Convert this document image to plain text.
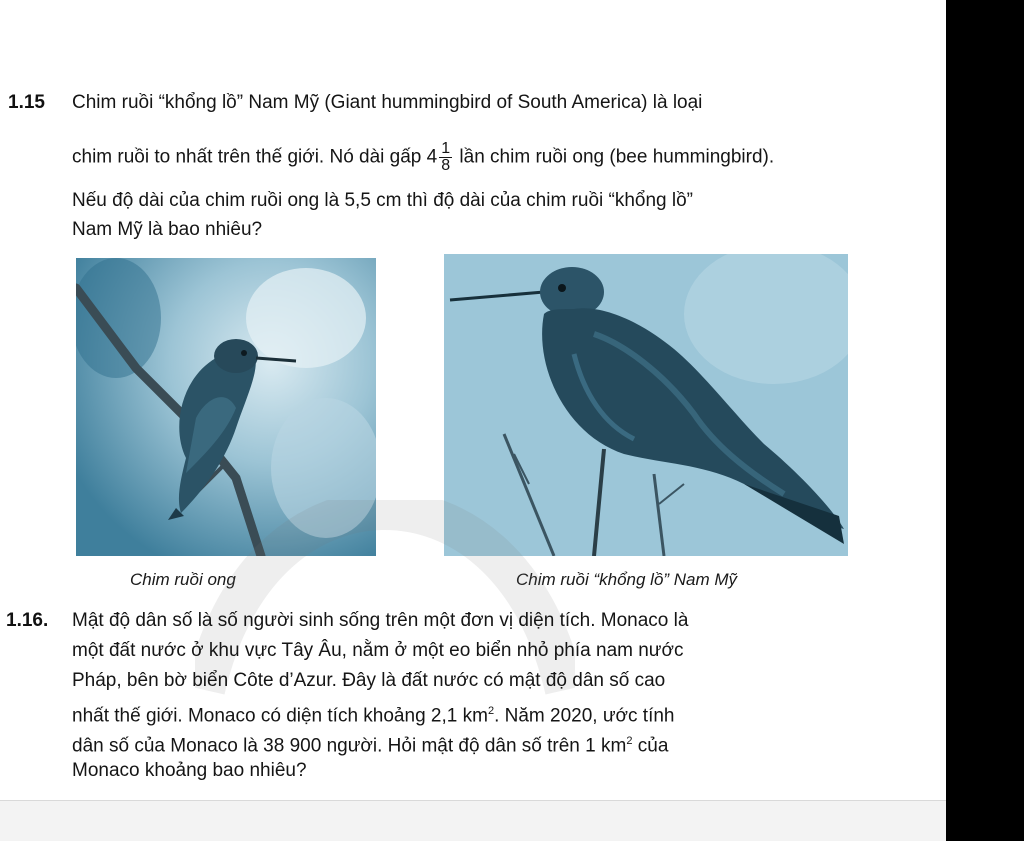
1.15 Chim ruồi “khổng lồ” Nam Mỹ (Giant hummingbird of South America) là loại
chim ruồi to nhất trên thế giới. Nó dài gấp $4 \frac{1}{8}$ lần chim ruồi ong (bee hummingbird).
Nếu độ dài của chim ruồi ong là 5,5 cm thì độ dài của chim ruồi “khổng lồ”
Nam Mỹ là bao nhiêu?
Chim ruồi ong	Chim ruồi “khổng lồ” Nam Mỹ
1.16. Mật độ dân số là số người sinh sống trên một đơn vị diện tích. Monaco là
một đất nước ở khu vực Tây Âu, nằm ở một eo biển nhỏ phía nam nước
Pháp, bên bờ biển Côte d’Azur. Đây là đất nước có mật độ dân số cao
nhất thế giới. Monaco có diện tích khoảng 2,1 $km^2$. Năm 2020, ước tính
dân số của Monaco là 38 900 người. Hỏi mật độ dân số trên 1 $km^2$ của
Monaco khoảng bao nhiêu?
